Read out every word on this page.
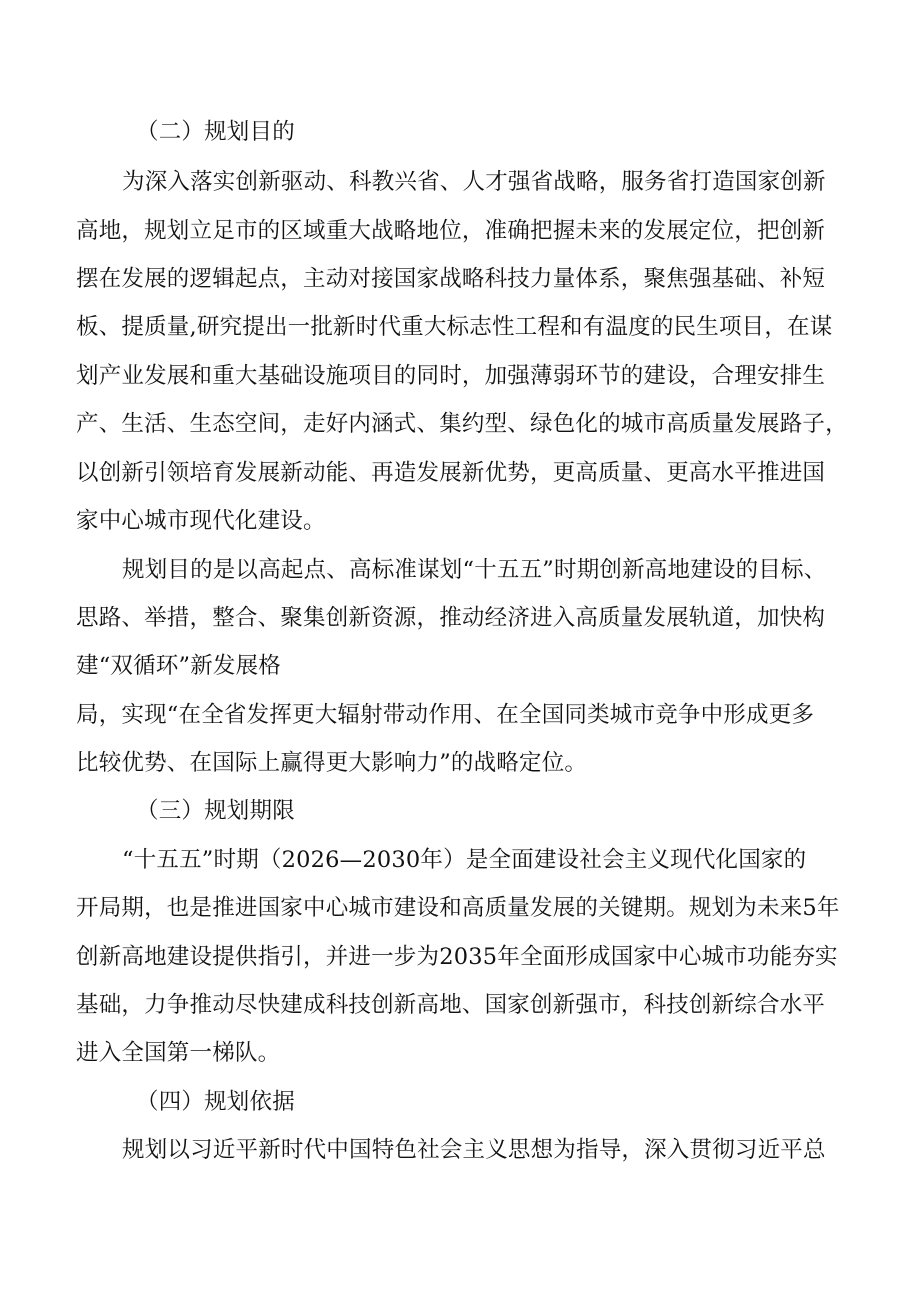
（二）规划目的
为深入落实创新驱动、科教兴省、人才强省战略，服务省打造国家创新
高地，规划立足市的区域重大战略地位，准确把握未来的发展定位，把创新
摆在发展的逻辑起点，主动对接国家战略科技力量体系，聚焦强基础、补短
板、提质量,研究提出一批新时代重大标志性工程和有温度的民生项目，在谋
划产业发展和重大基础设施项目的同时，加强薄弱环节的建设，合理安排生
产、生活、生态空间，走好内涵式、集约型、绿色化的城市高质量发展路子，
以创新引领培育发展新动能、再造发展新优势，更高质量、更高水平推进国
家中心城市现代化建设。
规划目的是以高起点、高标准谋划“十五五”时期创新高地建设的目标、
思路、举措，整合、聚集创新资源，推动经济进入高质量发展轨道，加快构
建“双循环”新发展格
局，实现“在全省发挥更大辐射带动作用、在全国同类城市竞争中形成更多
比较优势、在国际上赢得更大影响力”的战略定位。
（三）规划期限
“十五五”时期（2026—2030年）是全面建设社会主义现代化国家的
开局期，也是推进国家中心城市建设和高质量发展的关键期。规划为未来5年
创新高地建设提供指引，并进一步为2035年全面形成国家中心城市功能夯实
基础，力争推动尽快建成科技创新高地、国家创新强市，科技创新综合水平
进入全国第一梯队。
（四）规划依据
规划以习近平新时代中国特色社会主义思想为指导，深入贯彻习近平总
